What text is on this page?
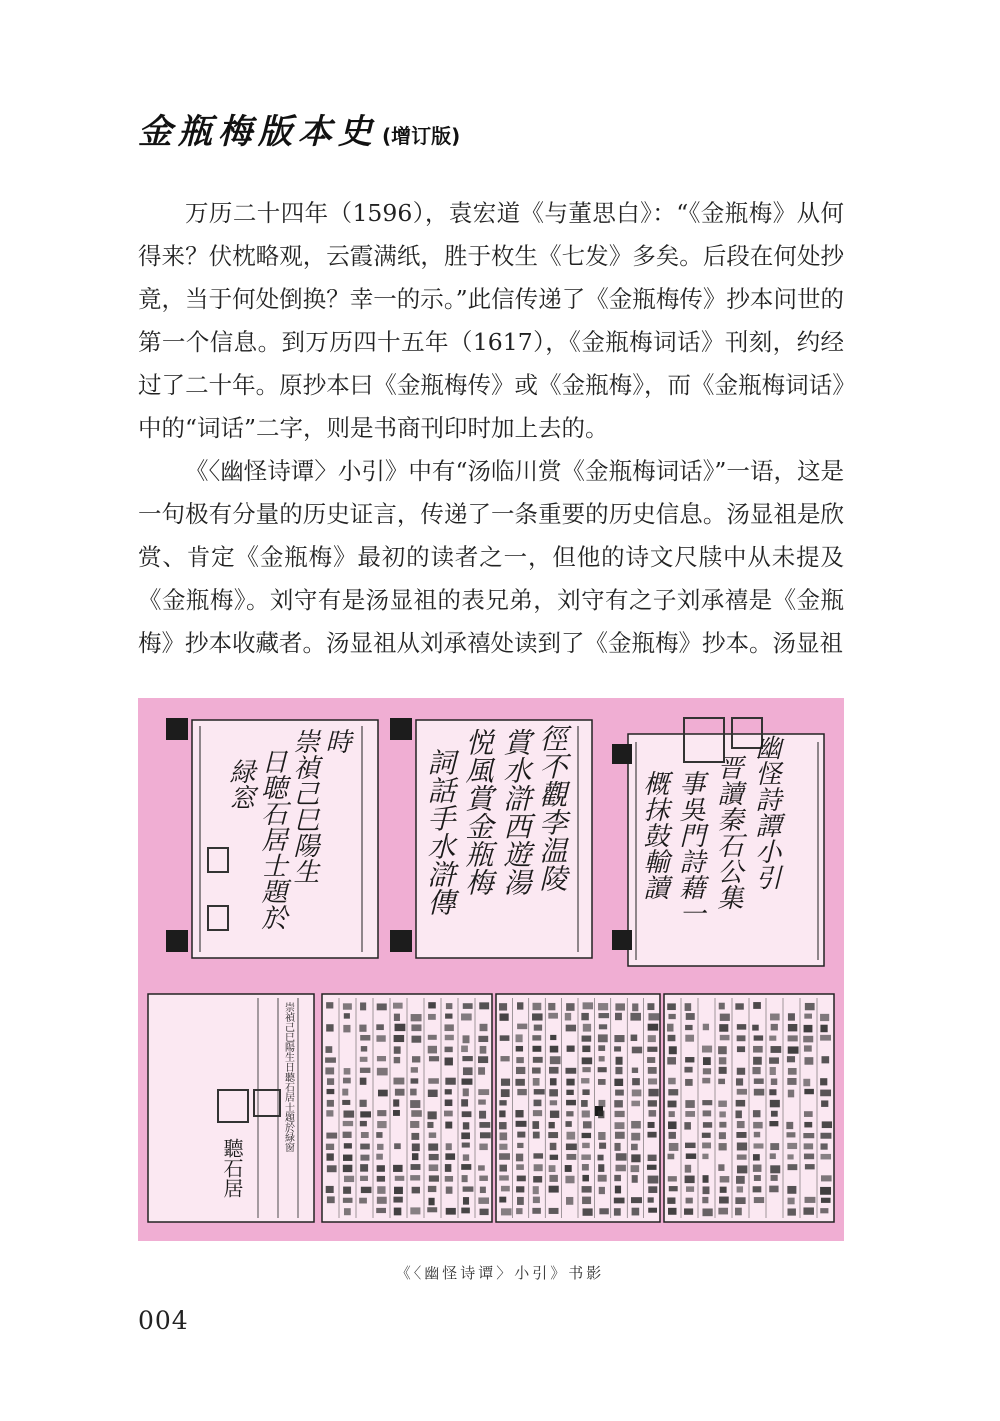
金瓶梅版本史 (增订版)

万历二十四年（1596），袁宏道《与董思白》：“《金瓶梅》从何得来？伏枕略观，云霞满纸，胜于枚生《七发》多矣。后段在何处抄竟，当于何处倒换？幸一的示。”此信传递了《金瓶梅传》抄本问世的第一个信息。到万历四十五年（1617），《金瓶梅词话》刊刻，约经过了二十年。原抄本曰《金瓶梅传》或《金瓶梅》，而《金瓶梅词话》中的“词话”二字，则是书商刊印时加上去的。

《〈幽怪诗谭〉小引》中有“汤临川赏《金瓶梅词话》”一语，这是一句极有分量的历史证言，传递了一条重要的历史信息。汤显祖是欣赏、肯定《金瓶梅》最初的读者之一，但他的诗文尺牍中从未提及《金瓶梅》。刘守有是汤显祖的表兄弟，刘守有之子刘承禧是《金瓶梅》抄本收藏者。汤显祖从刘承禧处读到了《金瓶梅》抄本。汤显祖

緑窓 日聴石居士題於 崇禎己巳陽生 時
詞話手水滸傳 悦風賞金瓶梅 賞水滸西遊湯 徑不觀李温陵	概抹鼓輸讀 事吳門詩藉一 晋讀秦石公集 幽怪詩譚小引
聽石居
崇禎己巳陽生日聽石居士題於緑窗
《〈幽怪诗谭〉小引》书影
004
